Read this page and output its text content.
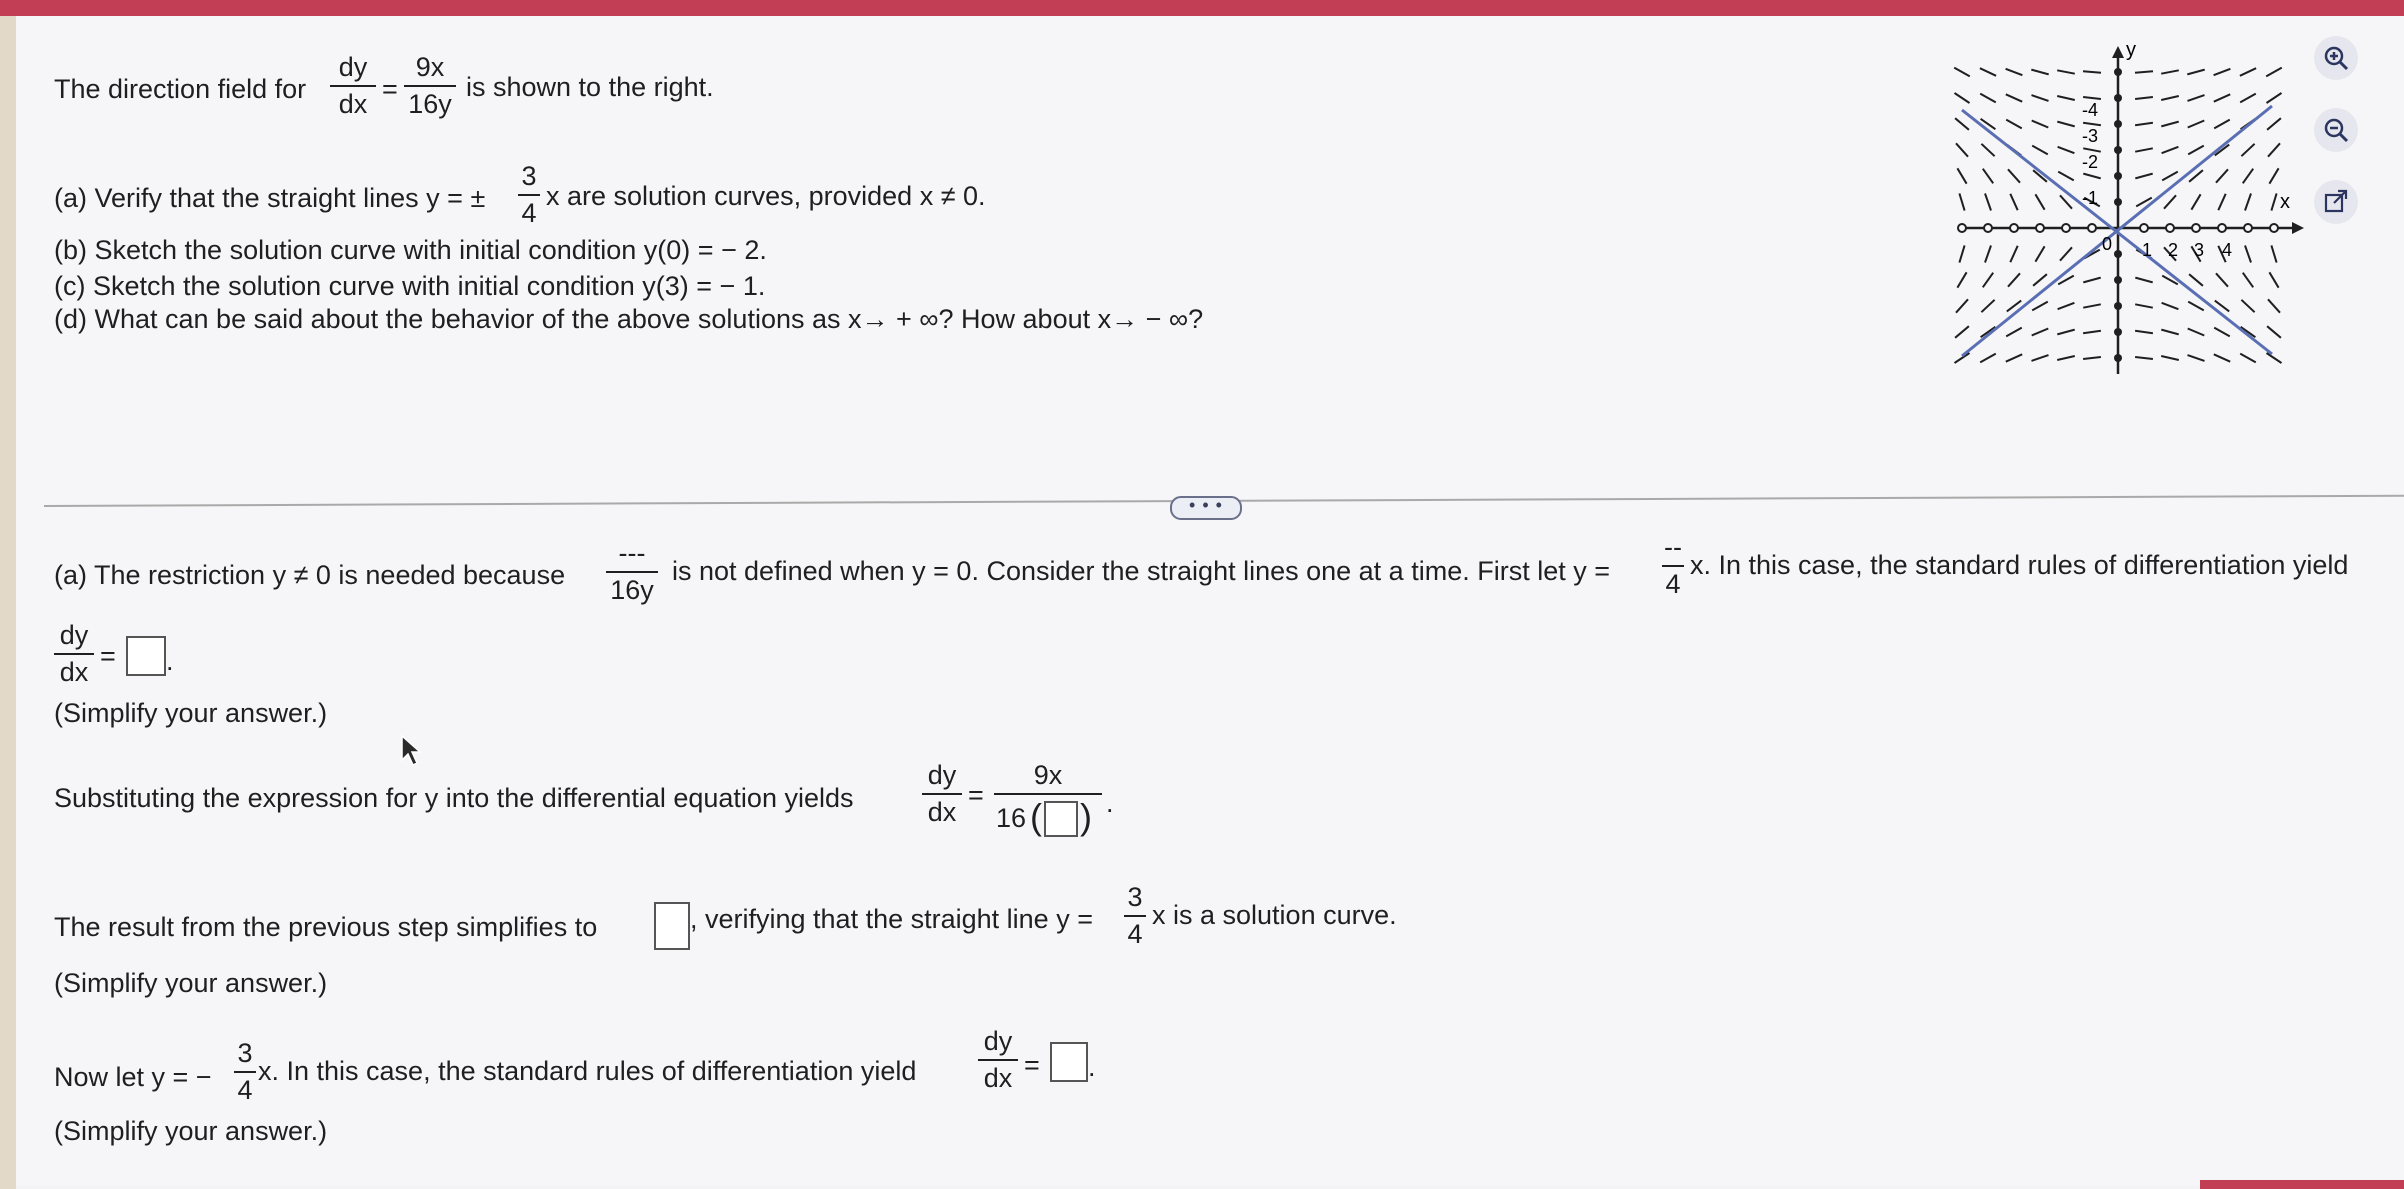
The direction field for $\frac{dy}{dx} = \frac{9x}{16y}$ is shown to the right.
(a) Verify that the straight lines y = ± $\frac{3}{4}$ x are solution curves, provided x ≠ 0.
(b) Sketch the solution curve with initial condition y(0) = − 2.
(c) Sketch the solution curve with initial condition y(3) = − 1.
(d) What can be said about the behavior of the above solutions as x→ + ∞? How about x→ − ∞?
y
x
0
-4
-3
-2
-1
1 2 3 4
• • •
(a) The restriction y ≠ 0 is needed because
---
16y
is not defined when y = 0. Consider the straight lines one at a time. First let y =
--
4
x. In this case, the standard rules of differentiation yield
$\frac{dy}{dx}$ = .
(Simplify your answer.)
Substituting the expression for y into the differential equation yields	$\frac{dy}{dx}$ =
9x
16 ( ) .
The result from the previous step simplifies to	, verifying that the straight line $y = \frac{3}{4}$ x is a solution curve.
(Simplify your answer.)
Now let y = − $\frac{3}{4} x$. In this case, the standard rules of differentiation yield $\frac{dy}{dx}$ = .
(Simplify your answer.)
